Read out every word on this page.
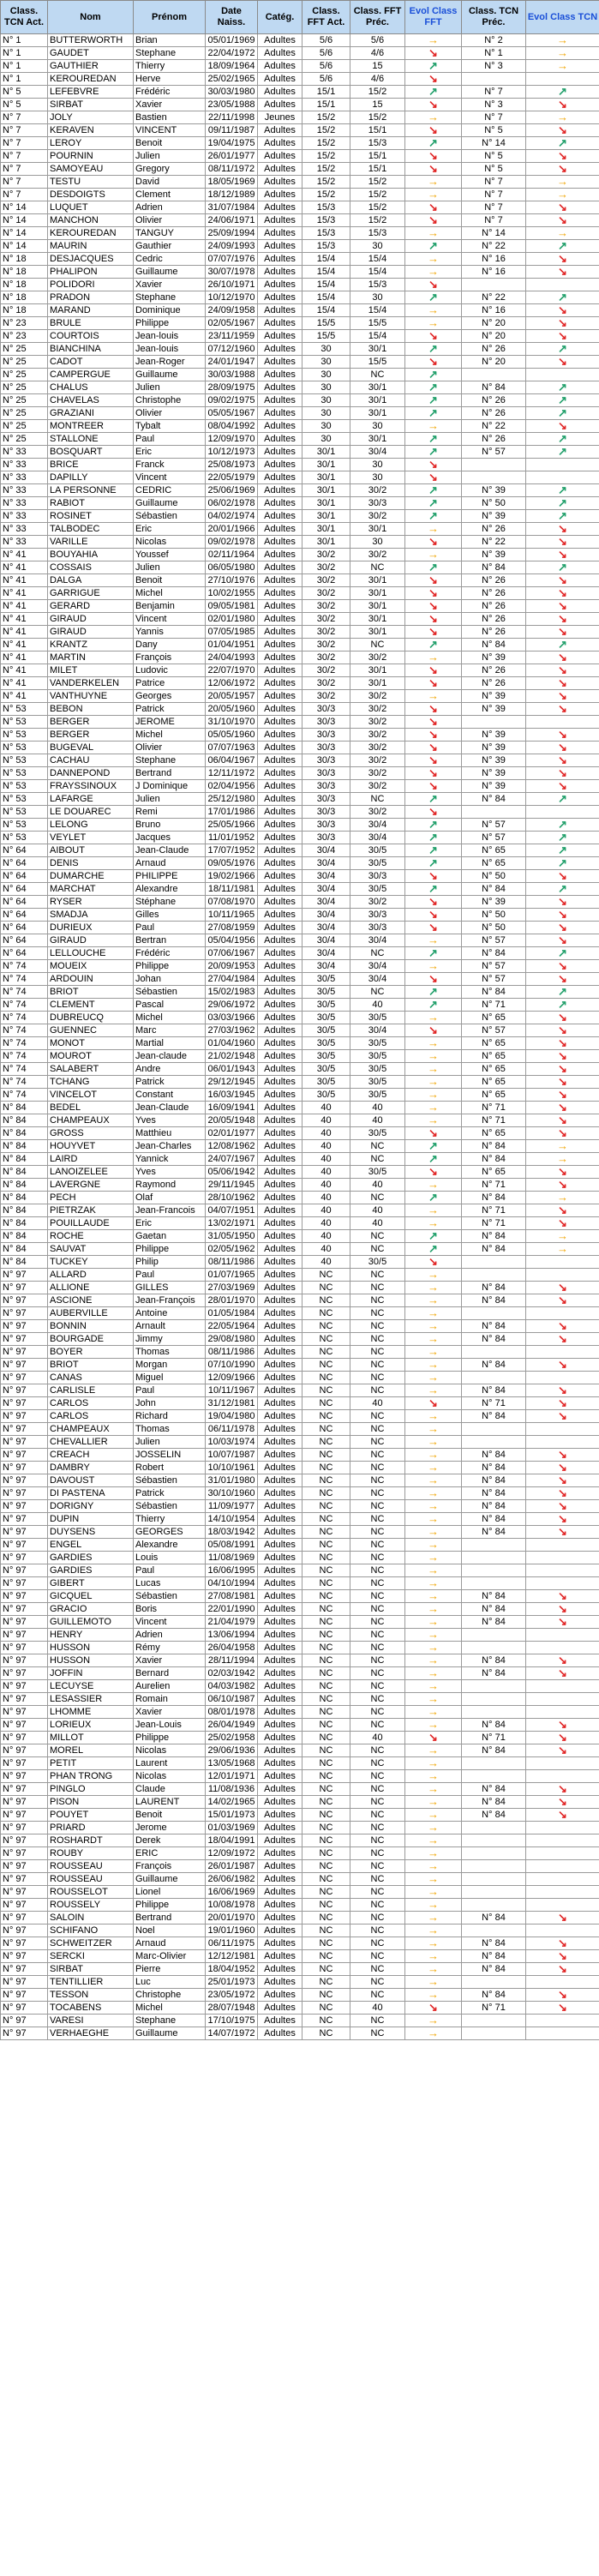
Class. TCN Act.	Nom	Prénom	Date Naiss.	Catég.	Class. FFT Act.	Class. FFT Préc.	Evol Class FFT	Class. TCN Préc.	Evol Class TCN
N° 1	BUTTERWORTH	Brian	05/01/1969	Adultes	5/6	5/6	→	N° 2	→
N° 1	GAUDET	Stephane	22/04/1972	Adultes	5/6	4/6	↘	N° 1	→
N° 1	GAUTHIER	Thierry	18/09/1964	Adultes	5/6	15	↗	N° 3	→
N° 1	KEROUREDAN	Herve	25/02/1965	Adultes	5/6	4/6	↘		
N° 5	LEFEBVRE	Frédéric	30/03/1980	Adultes	15/1	15/2	↗	N° 7	↗
N° 5	SIRBAT	Xavier	23/05/1988	Adultes	15/1	15	↘	N° 3	↘
N° 7	JOLY	Bastien	22/11/1998	Jeunes	15/2	15/2	→	N° 7	→
N° 7	KERAVEN	VINCENT	09/11/1987	Adultes	15/2	15/1	↘	N° 5	↘
N° 7	LEROY	Benoit	19/04/1975	Adultes	15/2	15/3	↗	N° 14	↗
N° 7	POURNIN	Julien	26/01/1977	Adultes	15/2	15/1	↘	N° 5	↘
N° 7	SAMOYEAU	Gregory	08/11/1972	Adultes	15/2	15/1	↘	N° 5	↘
N° 7	TESTU	David	18/05/1969	Adultes	15/2	15/2	→	N° 7	→
N° 7	DESDOIGTS	Clement	18/12/1989	Adultes	15/2	15/2	→	N° 7	→
N° 14	LUQUET	Adrien	31/07/1984	Adultes	15/3	15/2	↘	N° 7	↘
N° 14	MANCHON	Olivier	24/06/1971	Adultes	15/3	15/2	↘	N° 7	↘
N° 14	KEROUREDAN	TANGUY	25/09/1994	Adultes	15/3	15/3	→	N° 14	→
N° 14	MAURIN	Gauthier	24/09/1993	Adultes	15/3	30	↗	N° 22	↗
N° 18	DESJACQUES	Cedric	07/07/1976	Adultes	15/4	15/4	→	N° 16	↘
N° 18	PHALIPON	Guillaume	30/07/1978	Adultes	15/4	15/4	→	N° 16	↘
N° 18	POLIDORI	Xavier	26/10/1971	Adultes	15/4	15/3	↘		
N° 18	PRADON	Stephane	10/12/1970	Adultes	15/4	30	↗	N° 22	↗
N° 18	MARAND	Dominique	24/09/1958	Adultes	15/4	15/4	→	N° 16	↘
N° 23	BRULE	Philippe	02/05/1967	Adultes	15/5	15/5	→	N° 20	↘
N° 23	COURTOIS	Jean-louis	23/11/1959	Adultes	15/5	15/4	↘	N° 20	↘
N° 25	BIANCHINA	Jean-louis	07/12/1960	Adultes	30	30/1	↗	N° 26	↗
N° 25	CADOT	Jean-Roger	24/01/1947	Adultes	30	15/5	↘	N° 20	↘
N° 25	CAMPERGUE	Guillaume	30/03/1988	Adultes	30	NC	↗		
N° 25	CHALUS	Julien	28/09/1975	Adultes	30	30/1	↗	N° 84	↗
N° 25	CHAVELAS	Christophe	09/02/1975	Adultes	30	30/1	↗	N° 26	↗
N° 25	GRAZIANI	Olivier	05/05/1967	Adultes	30	30/1	↗	N° 26	↗
N° 25	MONTREER	Tybalt	08/04/1992	Adultes	30	30	→	N° 22	↘
N° 25	STALLONE	Paul	12/09/1970	Adultes	30	30/1	↗	N° 26	↗
N° 33	BOSQUART	Eric	10/12/1973	Adultes	30/1	30/4	↗	N° 57	↗
N° 33	BRICE	Franck	25/08/1973	Adultes	30/1	30	↘		
N° 33	DAPILLY	Vincent	22/05/1979	Adultes	30/1	30	↘		
N° 33	LA PERSONNE	CEDRIC	25/06/1969	Adultes	30/1	30/2	↗	N° 39	↗
N° 33	RABIOT	Guillaume	06/02/1978	Adultes	30/1	30/3	↗	N° 50	↗
N° 33	ROSINET	Sébastien	04/02/1974	Adultes	30/1	30/2	↗	N° 39	↗
N° 33	TALBODEC	Eric	20/01/1966	Adultes	30/1	30/1	→	N° 26	↘
N° 33	VARILLE	Nicolas	09/02/1978	Adultes	30/1	30	↘	N° 22	↘
N° 41	BOUYAHIA	Youssef	02/11/1964	Adultes	30/2	30/2	→	N° 39	↘
N° 41	COSSAIS	Julien	06/05/1980	Adultes	30/2	NC	↗	N° 84	↗
N° 41	DALGA	Benoit	27/10/1976	Adultes	30/2	30/1	↘	N° 26	↘
N° 41	GARRIGUE	Michel	10/02/1955	Adultes	30/2	30/1	↘	N° 26	↘
N° 41	GERARD	Benjamin	09/05/1981	Adultes	30/2	30/1	↘	N° 26	↘
N° 41	GIRAUD	Vincent	02/01/1980	Adultes	30/2	30/1	↘	N° 26	↘
N° 41	GIRAUD	Yannis	07/05/1985	Adultes	30/2	30/1	↘	N° 26	↘
N° 41	KRANTZ	Dany	01/04/1951	Adultes	30/2	NC	↗	N° 84	↗
N° 41	MARTIN	François	24/04/1993	Adultes	30/2	30/2	→	N° 39	↘
N° 41	MILET	Ludovic	22/07/1970	Adultes	30/2	30/1	↘	N° 26	↘
N° 41	VANDERKELEN	Patrice	12/06/1972	Adultes	30/2	30/1	↘	N° 26	↘
N° 41	VANTHUYNE	Georges	20/05/1957	Adultes	30/2	30/2	→	N° 39	↘
N° 53	BEBON	Patrick	20/05/1960	Adultes	30/3	30/2	↘	N° 39	↘
N° 53	BERGER	JEROME	31/10/1970	Adultes	30/3	30/2	↘		
N° 53	BERGER	Michel	05/05/1960	Adultes	30/3	30/2	↘	N° 39	↘
N° 53	BUGEVAL	Olivier	07/07/1963	Adultes	30/3	30/2	↘	N° 39	↘
N° 53	CACHAU	Stephane	06/04/1967	Adultes	30/3	30/2	↘	N° 39	↘
N° 53	DANNEPOND	Bertrand	12/11/1972	Adultes	30/3	30/2	↘	N° 39	↘
N° 53	FRAYSSINOUX	J Dominique	02/04/1956	Adultes	30/3	30/2	↘	N° 39	↘
N° 53	LAFARGE	Julien	25/12/1980	Adultes	30/3	NC	↗	N° 84	↗
N° 53	LE DOUAREC	Remi	17/01/1986	Adultes	30/3	30/2	↘		
N° 53	LELONG	Bruno	25/05/1966	Adultes	30/3	30/4	↗	N° 57	↗
N° 53	VEYLET	Jacques	11/01/1952	Adultes	30/3	30/4	↗	N° 57	↗
N° 64	AIBOUT	Jean-Claude	17/07/1952	Adultes	30/4	30/5	↗	N° 65	↗
N° 64	DENIS	Arnaud	09/05/1976	Adultes	30/4	30/5	↗	N° 65	↗
N° 64	DUMARCHE	PHILIPPE	19/02/1966	Adultes	30/4	30/3	↘	N° 50	↘
N° 64	MARCHAT	Alexandre	18/11/1981	Adultes	30/4	30/5	↗	N° 84	↗
N° 64	RYSER	Stéphane	07/08/1970	Adultes	30/4	30/2	↘	N° 39	↘
N° 64	SMADJA	Gilles	10/11/1965	Adultes	30/4	30/3	↘	N° 50	↘
N° 64	DURIEUX	Paul	27/08/1959	Adultes	30/4	30/3	↘	N° 50	↘
N° 64	GIRAUD	Bertran	05/04/1956	Adultes	30/4	30/4	→	N° 57	↘
N° 64	LELLOUCHE	Frédéric	07/06/1967	Adultes	30/4	NC	↗	N° 84	↗
N° 74	MOUEIX	Philippe	20/09/1953	Adultes	30/4	30/4	→	N° 57	↘
N° 74	ARDOUIN	Johan	27/04/1984	Adultes	30/5	30/4	↘	N° 57	↘
N° 74	BRIOT	Sébastien	15/02/1983	Adultes	30/5	NC	↗	N° 84	↗
N° 74	CLEMENT	Pascal	29/06/1972	Adultes	30/5	40	↗	N° 71	↗
N° 74	DUBREUCQ	Michel	03/03/1966	Adultes	30/5	30/5	→	N° 65	↘
N° 74	GUENNEC	Marc	27/03/1962	Adultes	30/5	30/4	↘	N° 57	↘
N° 74	MONOT	Martial	01/04/1960	Adultes	30/5	30/5	→	N° 65	↘
N° 74	MOUROT	Jean-claude	21/02/1948	Adultes	30/5	30/5	→	N° 65	↘
N° 74	SALABERT	Andre	06/01/1943	Adultes	30/5	30/5	→	N° 65	↘
N° 74	TCHANG	Patrick	29/12/1945	Adultes	30/5	30/5	→	N° 65	↘
N° 74	VINCELOT	Constant	16/03/1945	Adultes	30/5	30/5	→	N° 65	↘
N° 84	BEDEL	Jean-Claude	16/09/1941	Adultes	40	40	→	N° 71	↘
N° 84	CHAMPEAUX	Yves	20/05/1948	Adultes	40	40	→	N° 71	↘
N° 84	GROSS	Matthieu	02/01/1977	Adultes	40	30/5	↘	N° 65	↘
N° 84	HOUYVET	Jean-Charles	12/08/1962	Adultes	40	NC	↗	N° 84	→
N° 84	LAIRD	Yannick	24/07/1967	Adultes	40	NC	↗	N° 84	→
N° 84	LANOIZELEE	Yves	05/06/1942	Adultes	40	30/5	↘	N° 65	↘
N° 84	LAVERGNE	Raymond	29/11/1945	Adultes	40	40	→	N° 71	↘
N° 84	PECH	Olaf	28/10/1962	Adultes	40	NC	↗	N° 84	→
N° 84	PIETRZAK	Jean-Francois	04/07/1951	Adultes	40	40	→	N° 71	↘
N° 84	POUILLAUDE	Eric	13/02/1971	Adultes	40	40	→	N° 71	↘
N° 84	ROCHE	Gaetan	31/05/1950	Adultes	40	NC	↗	N° 84	→
N° 84	SAUVAT	Philippe	02/05/1962	Adultes	40	NC	↗	N° 84	→
N° 84	TUCKEY	Philip	08/11/1986	Adultes	40	30/5	↘		
N° 97	ALLARD	Paul	01/07/1965	Adultes	NC	NC	→		
N° 97	ALLIONE	GILLES	27/03/1969	Adultes	NC	NC	→	N° 84	↘
N° 97	ASCIONE	Jean-François	28/01/1970	Adultes	NC	NC	→	N° 84	↘
N° 97	AUBERVILLE	Antoine	01/05/1984	Adultes	NC	NC	→		
N° 97	BONNIN	Arnault	22/05/1964	Adultes	NC	NC	→	N° 84	↘
N° 97	BOURGADE	Jimmy	29/08/1980	Adultes	NC	NC	→	N° 84	↘
N° 97	BOYER	Thomas	08/11/1986	Adultes	NC	NC	→		
N° 97	BRIOT	Morgan	07/10/1990	Adultes	NC	NC	→	N° 84	↘
N° 97	CANAS	Miguel	12/09/1966	Adultes	NC	NC	→		
N° 97	CARLISLE	Paul	10/11/1967	Adultes	NC	NC	→	N° 84	↘
N° 97	CARLOS	John	31/12/1981	Adultes	NC	40	↘	N° 71	↘
N° 97	CARLOS	Richard	19/04/1980	Adultes	NC	NC	→	N° 84	↘
N° 97	CHAMPEAUX	Thomas	06/11/1978	Adultes	NC	NC	→		
N° 97	CHEVALLIER	Julien	10/03/1974	Adultes	NC	NC	→		
N° 97	CREACH	JOSSELIN	10/07/1987	Adultes	NC	NC	→	N° 84	↘
N° 97	DAMBRY	Robert	10/10/1961	Adultes	NC	NC	→	N° 84	↘
N° 97	DAVOUST	Sébastien	31/01/1980	Adultes	NC	NC	→	N° 84	↘
N° 97	DI PASTENA	Patrick	30/10/1960	Adultes	NC	NC	→	N° 84	↘
N° 97	DORIGNY	Sébastien	11/09/1977	Adultes	NC	NC	→	N° 84	↘
N° 97	DUPIN	Thierry	14/10/1954	Adultes	NC	NC	→	N° 84	↘
N° 97	DUYSENS	GEORGES	18/03/1942	Adultes	NC	NC	→	N° 84	↘
N° 97	ENGEL	Alexandre	05/08/1991	Adultes	NC	NC	→		
N° 97	GARDIES	Louis	11/08/1969	Adultes	NC	NC	→		
N° 97	GARDIES	Paul	16/06/1995	Adultes	NC	NC	→		
N° 97	GIBERT	Lucas	04/10/1994	Adultes	NC	NC	→		
N° 97	GICQUEL	Sébastien	27/08/1981	Adultes	NC	NC	→	N° 84	↘
N° 97	GRACIO	Boris	22/01/1990	Adultes	NC	NC	→	N° 84	↘
N° 97	GUILLEMOTO	Vincent	21/04/1979	Adultes	NC	NC	→	N° 84	↘
N° 97	HENRY	Adrien	13/06/1994	Adultes	NC	NC	→		
N° 97	HUSSON	Rémy	26/04/1958	Adultes	NC	NC	→		
N° 97	HUSSON	Xavier	28/11/1994	Adultes	NC	NC	→	N° 84	↘
N° 97	JOFFIN	Bernard	02/03/1942	Adultes	NC	NC	→	N° 84	↘
N° 97	LECUYSE	Aurelien	04/03/1982	Adultes	NC	NC	→		
N° 97	LESASSIER	Romain	06/10/1987	Adultes	NC	NC	→		
N° 97	LHOMME	Xavier	08/01/1978	Adultes	NC	NC	→		
N° 97	LORIEUX	Jean-Louis	26/04/1949	Adultes	NC	NC	→	N° 84	↘
N° 97	MILLOT	Philippe	25/02/1958	Adultes	NC	40	↘	N° 71	↘
N° 97	MOREL	Nicolas	29/06/1936	Adultes	NC	NC	→	N° 84	↘
N° 97	PETIT	Laurent	13/05/1968	Adultes	NC	NC	→		
N° 97	PHAN TRONG	Nicolas	12/01/1971	Adultes	NC	NC	→		
N° 97	PINGLO	Claude	11/08/1936	Adultes	NC	NC	→	N° 84	↘
N° 97	PISON	LAURENT	14/02/1965	Adultes	NC	NC	→	N° 84	↘
N° 97	POUYET	Benoit	15/01/1973	Adultes	NC	NC	→	N° 84	↘
N° 97	PRIARD	Jerome	01/03/1969	Adultes	NC	NC	→		
N° 97	ROSHARDT	Derek	18/04/1991	Adultes	NC	NC	→		
N° 97	ROUBY	ERIC	12/09/1972	Adultes	NC	NC	→		
N° 97	ROUSSEAU	François	26/01/1987	Adultes	NC	NC	→		
N° 97	ROUSSEAU	Guillaume	26/06/1982	Adultes	NC	NC	→		
N° 97	ROUSSELOT	Lionel	16/06/1969	Adultes	NC	NC	→		
N° 97	ROUSSELY	Philippe	10/08/1978	Adultes	NC	NC	→		
N° 97	SALOIN	Bertrand	20/01/1970	Adultes	NC	NC	→	N° 84	↘
N° 97	SCHIFANO	Noel	19/01/1960	Adultes	NC	NC	→		
N° 97	SCHWEITZER	Arnaud	06/11/1975	Adultes	NC	NC	→	N° 84	↘
N° 97	SERCKI	Marc-Olivier	12/12/1981	Adultes	NC	NC	→	N° 84	↘
N° 97	SIRBAT	Pierre	18/04/1952	Adultes	NC	NC	→	N° 84	↘
N° 97	TENTILLIER	Luc	25/01/1973	Adultes	NC	NC	→		
N° 97	TESSON	Christophe	23/05/1972	Adultes	NC	NC	→	N° 84	↘
N° 97	TOCABENS	Michel	28/07/1948	Adultes	NC	40	↘	N° 71	↘
N° 97	VARESI	Stephane	17/10/1975	Adultes	NC	NC	→		
N° 97	VERHAEGHE	Guillaume	14/07/1972	Adultes	NC	NC	→		
